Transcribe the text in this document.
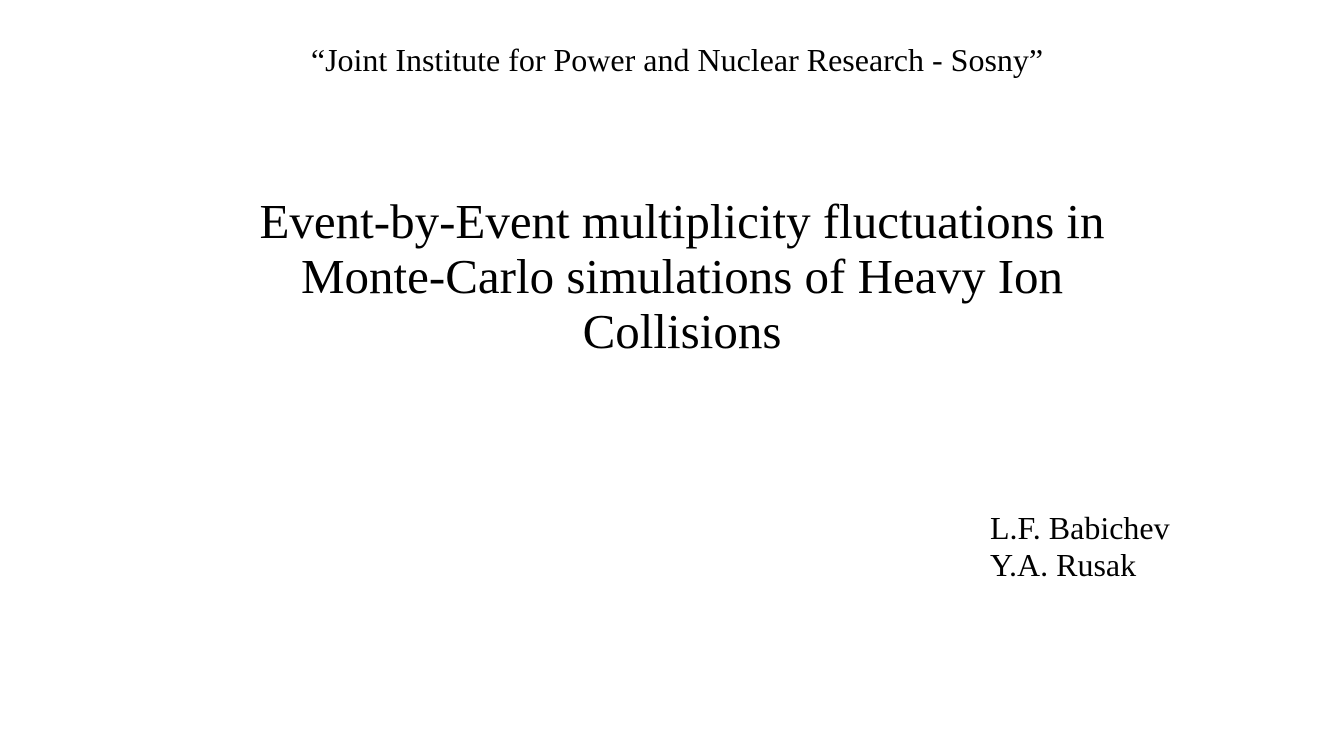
“Joint Institute for Power and Nuclear Research - Sosny”
Event-by-Event multiplicity fluctuations in
Monte-Carlo simulations of Heavy Ion
Collisions
L.F. Babichev
Y.A. Rusak
